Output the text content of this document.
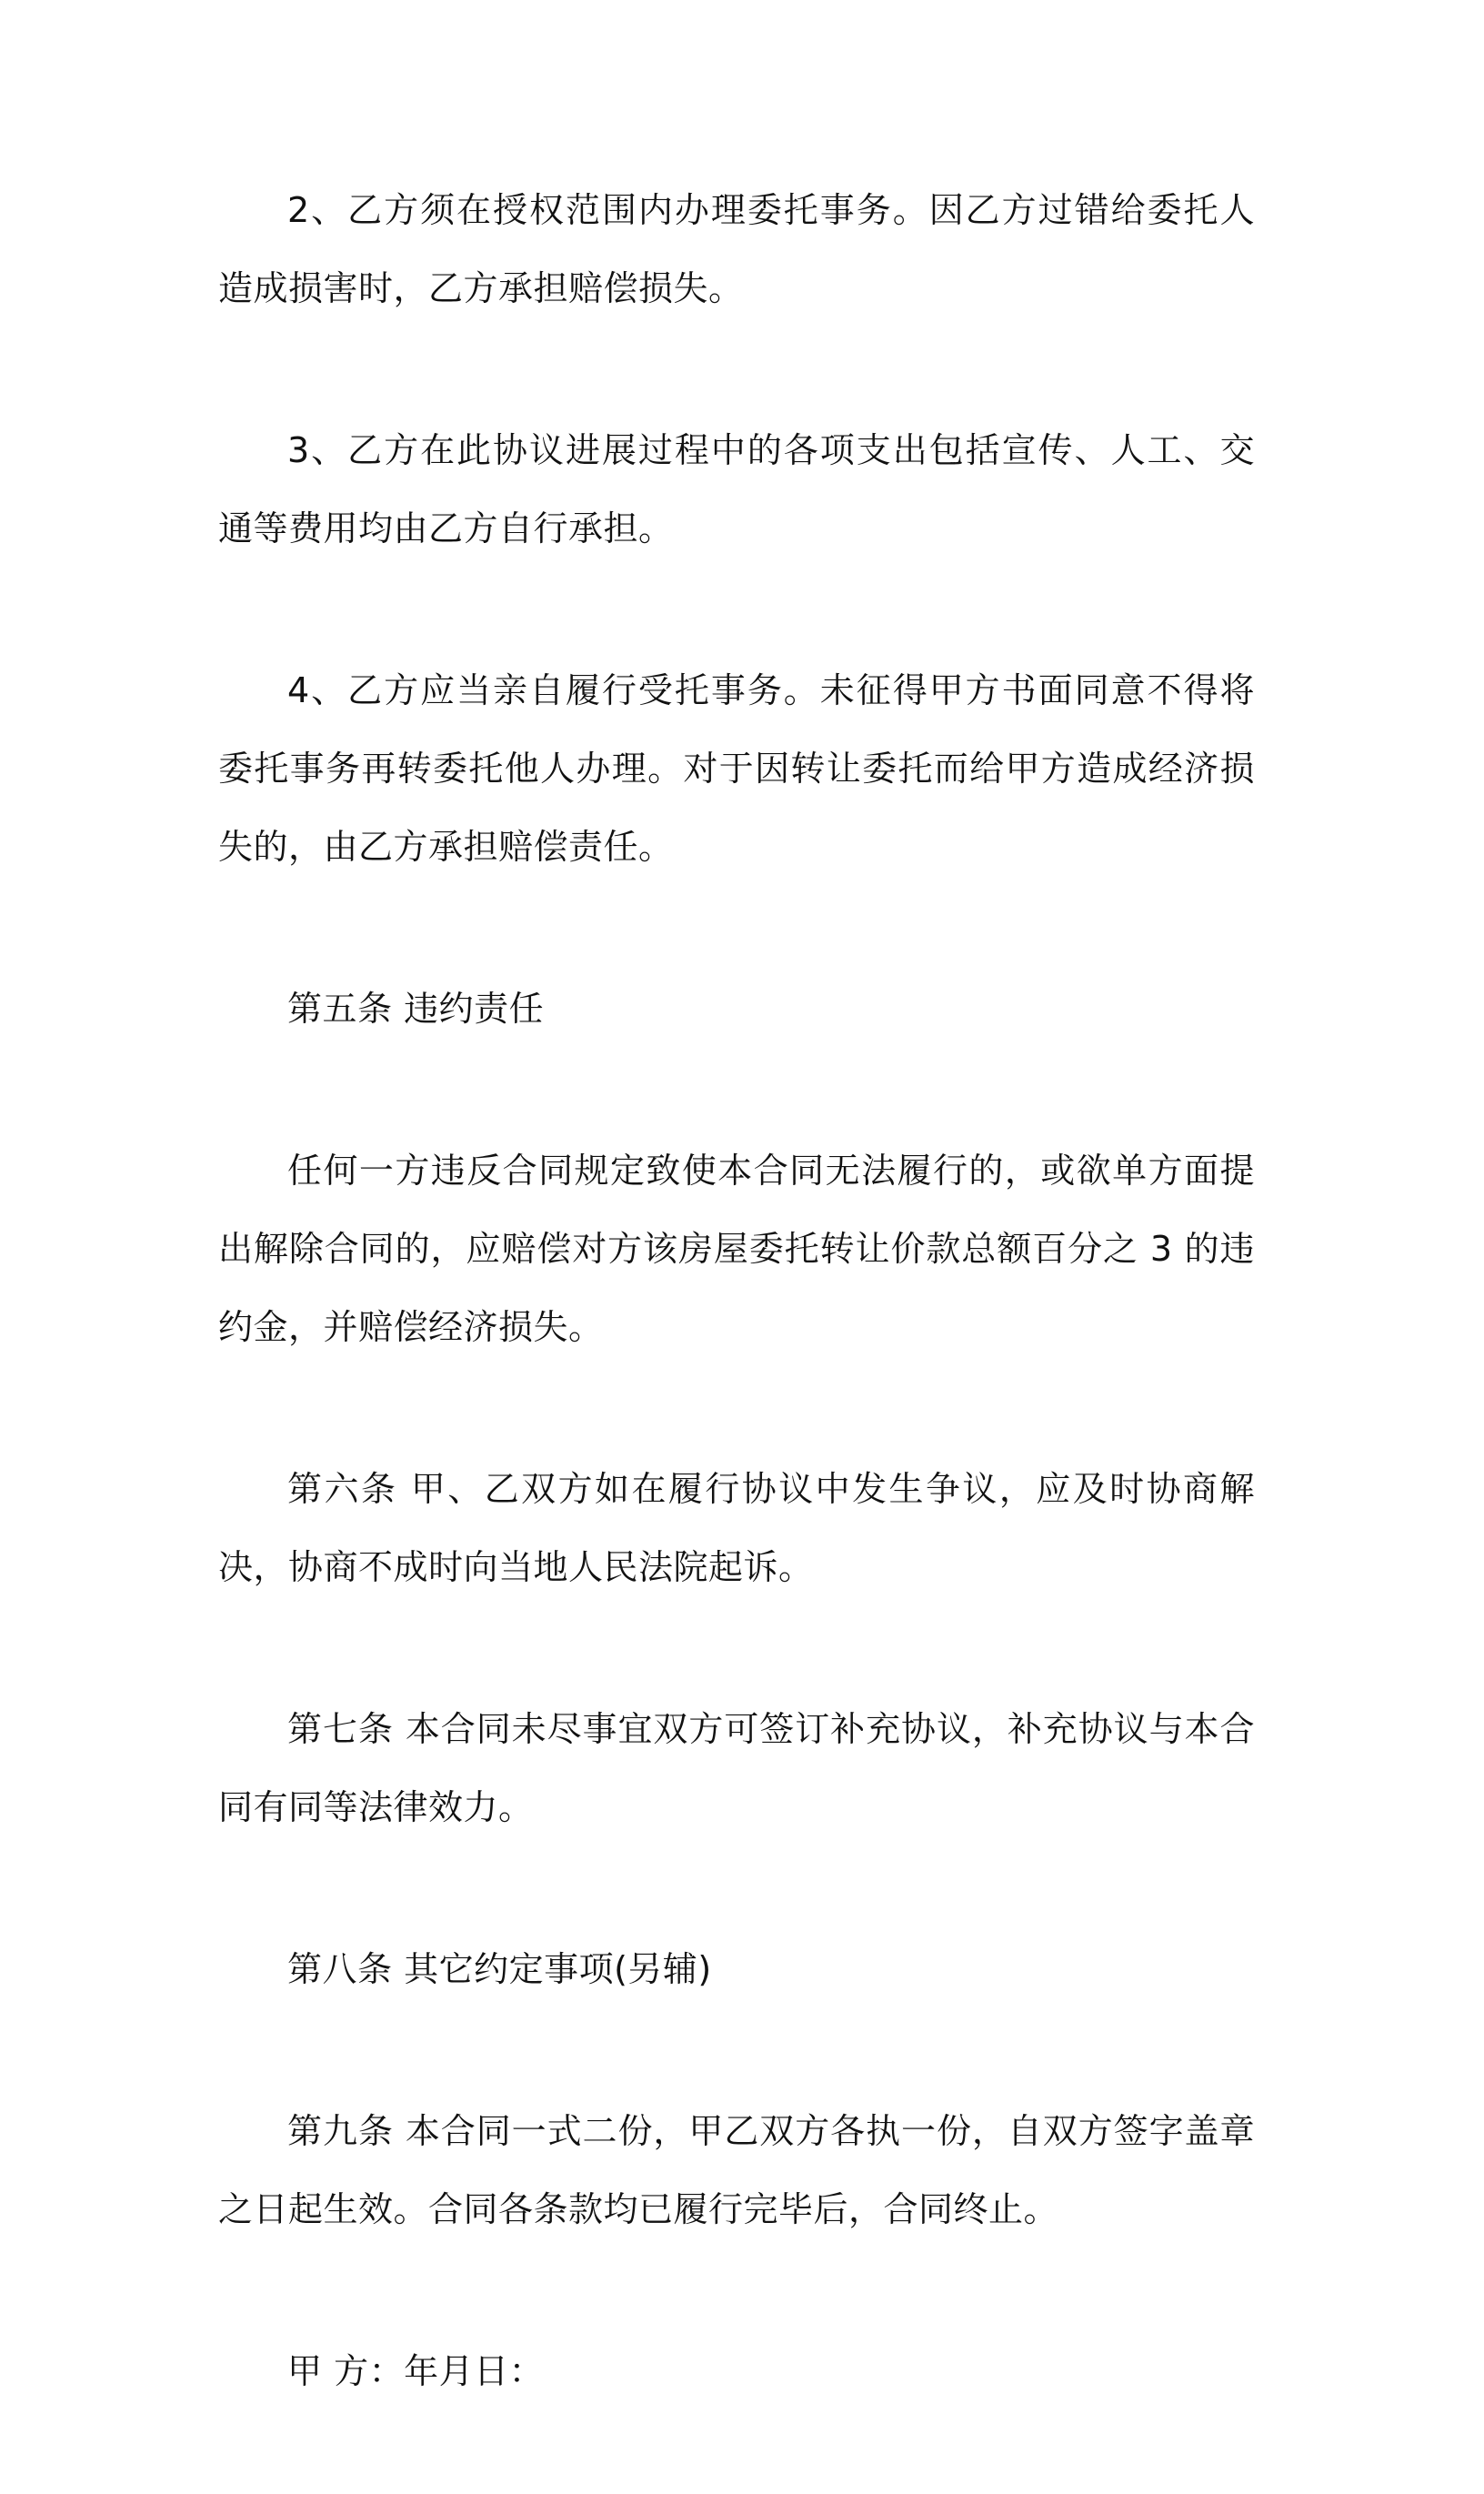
2、乙方须在授权范围内办理委托事务。因乙方过错给委托人造成损害时，乙方承担赔偿损失。

3、乙方在此协议进展过程中的各项支出包括宣传、人工、交通等费用均由乙方自行承担。

4、乙方应当亲自履行受托事务。未征得甲方书面同意不得将委托事务再转委托他人办理。对于因转让委托而给甲方造成经济损失的，由乙方承担赔偿责任。

第五条 违约责任

任何一方违反合同规定致使本合同无法履行的，或欲单方面提出解除合同的，应赔偿对方该房屋委托转让价款总额百分之 3 的违约金，并赔偿经济损失。

第六条 甲、乙双方如在履行协议中发生争议，应及时协商解决，协商不成时向当地人民法院起诉。

第七条 本合同未尽事宜双方可签订补充协议，补充协议与本合同有同等法律效力。

第八条 其它约定事项(另辅)

第九条 本合同一式二份，甲乙双方各执一份，自双方签字盖章之日起生效。合同各条款均已履行完毕后，合同终止。

甲 方：年月日：
